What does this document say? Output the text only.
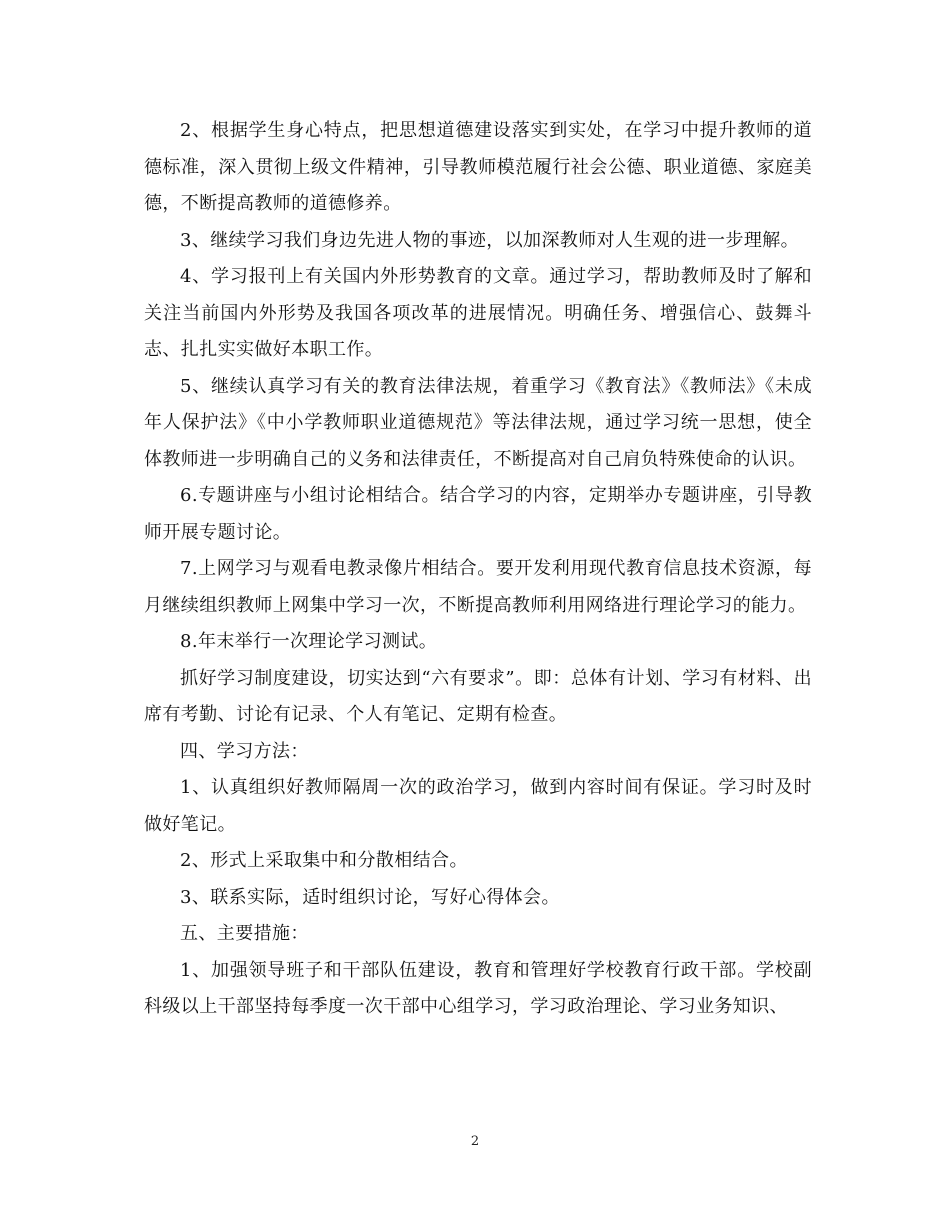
2、根据学生身心特点，把思想道德建设落实到实处，在学习中提升教师的道德标准，深入贯彻上级文件精神，引导教师模范履行社会公德、职业道德、家庭美德，不断提高教师的道德修养。

3、继续学习我们身边先进人物的事迹，以加深教师对人生观的进一步理解。

4、学习报刊上有关国内外形势教育的文章。通过学习，帮助教师及时了解和关注当前国内外形势及我国各项改革的进展情况。明确任务、增强信心、鼓舞斗志、扎扎实实做好本职工作。

5、继续认真学习有关的教育法律法规，着重学习《教育法》《教师法》《未成年人保护法》《中小学教师职业道德规范》等法律法规，通过学习统一思想，使全体教师进一步明确自己的义务和法律责任，不断提高对自己肩负特殊使命的认识。

6.专题讲座与小组讨论相结合。结合学习的内容，定期举办专题讲座，引导教师开展专题讨论。

7.上网学习与观看电教录像片相结合。要开发利用现代教育信息技术资源，每月继续组织教师上网集中学习一次，不断提高教师利用网络进行理论学习的能力。

8.年末举行一次理论学习测试。

抓好学习制度建设，切实达到“六有要求”。即：总体有计划、学习有材料、出席有考勤、讨论有记录、个人有笔记、定期有检查。

四、学习方法：

1、认真组织好教师隔周一次的政治学习，做到内容时间有保证。学习时及时做好笔记。

2、形式上采取集中和分散相结合。

3、联系实际，适时组织讨论，写好心得体会。

五、主要措施：

1、加强领导班子和干部队伍建设，教育和管理好学校教育行政干部。学校副科级以上干部坚持每季度一次干部中心组学习，学习政治理论、学习业务知识、

2
